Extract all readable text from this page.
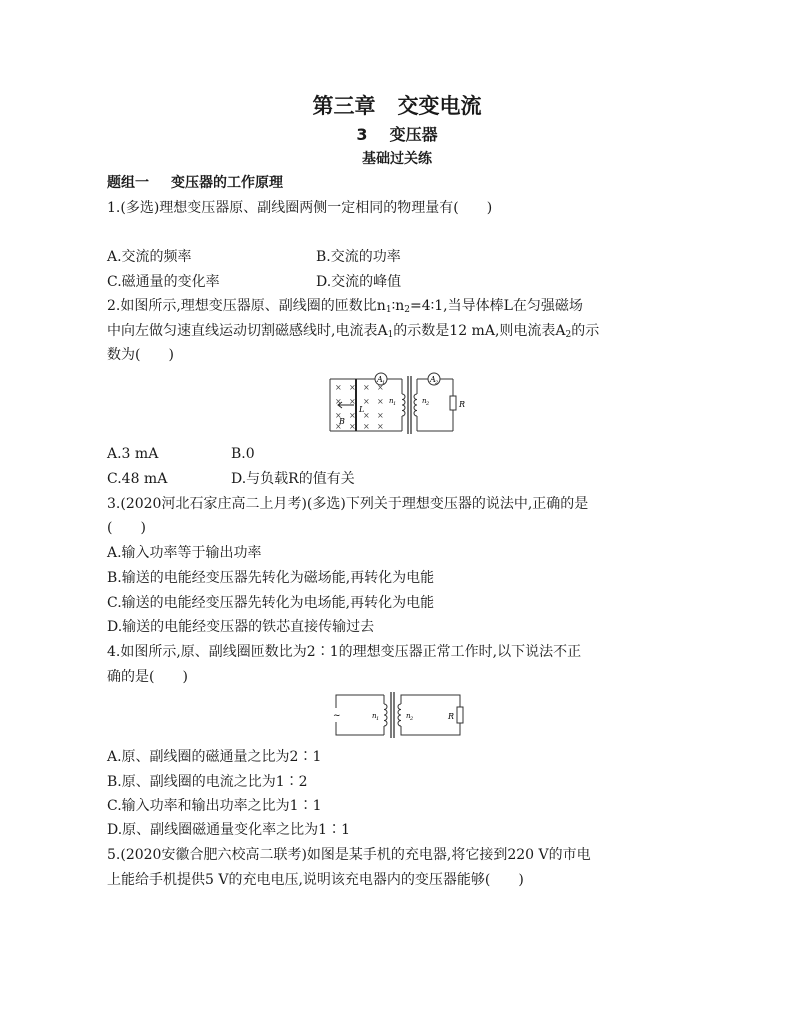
第三章 交变电流
3 变压器
基础过关练
题组一 变压器的工作原理
1.(多选)理想变压器原、副线圈两侧一定相同的物理量有(　　)
A.交流的频率	B.交流的功率
C.磁通量的变化率	D.交流的峰值
2.如图所示,理想变压器原、副线圈的匝数比$n_1∶n_2=4∶1$,当导体棒L在匀强磁场
中向左做匀速直线运动切割磁感线时,电流表$A_1$的示数是12 mA,则电流表$A_2$的示
数为(　　)
A 1
× × × ×
× × × ×
× × × ×
× × × ×
L
B
n 1	n 2
A 2
R
A.3 mA	B.0
C.48 mA	D.与负载R的值有关
3.(2020河北石家庄高二上月考)(多选)下列关于理想变压器的说法中,正确的是
(　　)
A.输入功率等于输出功率
B.输送的电能经变压器先转化为磁场能,再转化为电能
C.输送的电能经变压器先转化为电场能,再转化为电能
D.输送的电能经变压器的铁芯直接传输过去
4.如图所示,原、副线圈匝数比为2∶1的理想变压器正常工作时,以下说法不正
确的是(　　)
~	n 1	n 2	R
A.原、副线圈的磁通量之比为2∶1
B.原、副线圈的电流之比为1∶2
C.输入功率和输出功率之比为1∶1
D.原、副线圈磁通量变化率之比为1∶1
5.(2020安徽合肥六校高二联考)如图是某手机的充电器,将它接到220 V的市电
上能给手机提供5 V的充电电压,说明该充电器内的变压器能够(　　)
